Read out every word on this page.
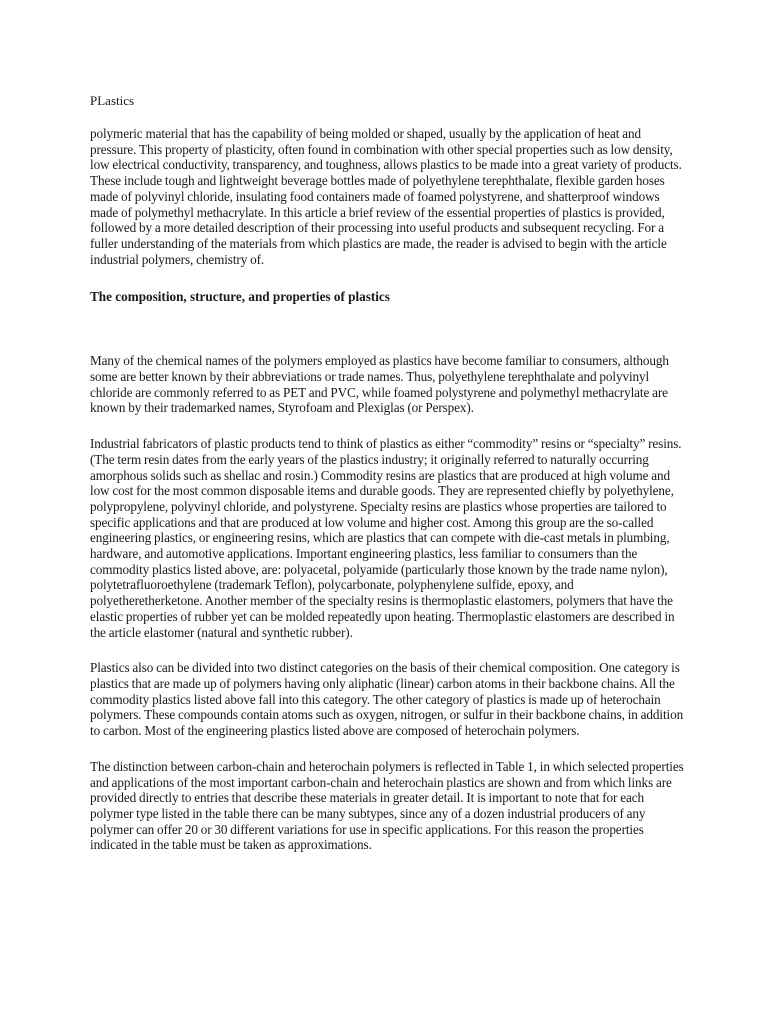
PLastics

polymeric material that has the capability of being molded or shaped, usually by the application of heat and pressure. This property of plasticity, often found in combination with other special properties such as low density, low electrical conductivity, transparency, and toughness, allows plastics to be made into a great variety of products. These include tough and lightweight beverage bottles made of polyethylene terephthalate, flexible garden hoses made of polyvinyl chloride, insulating food containers made of foamed polystyrene, and shatterproof windows made of polymethyl methacrylate. In this article a brief review of the essential properties of plastics is provided, followed by a more detailed description of their processing into useful products and subsequent recycling. For a fuller understanding of the materials from which plastics are made, the reader is advised to begin with the article industrial polymers, chemistry of.

The composition, structure, and properties of plastics

Many of the chemical names of the polymers employed as plastics have become familiar to consumers, although some are better known by their abbreviations or trade names. Thus, polyethylene terephthalate and polyvinyl chloride are commonly referred to as PET and PVC, while foamed polystyrene and polymethyl methacrylate are known by their trademarked names, Styrofoam and Plexiglas (or Perspex).

Industrial fabricators of plastic products tend to think of plastics as either “commodity” resins or “specialty” resins. (The term resin dates from the early years of the plastics industry; it originally referred to naturally occurring amorphous solids such as shellac and rosin.) Commodity resins are plastics that are produced at high volume and low cost for the most common disposable items and durable goods. They are represented chiefly by polyethylene, polypropylene, polyvinyl chloride, and polystyrene. Specialty resins are plastics whose properties are tailored to specific applications and that are produced at low volume and higher cost. Among this group are the so-called engineering plastics, or engineering resins, which are plastics that can compete with die-cast metals in plumbing, hardware, and automotive applications. Important engineering plastics, less familiar to consumers than the commodity plastics listed above, are: polyacetal, polyamide (particularly those known by the trade name nylon), polytetrafluoroethylene (trademark Teflon), polycarbonate, polyphenylene sulfide, epoxy, and polyetheretherketone. Another member of the specialty resins is thermoplastic elastomers, polymers that have the elastic properties of rubber yet can be molded repeatedly upon heating. Thermoplastic elastomers are described in the article elastomer (natural and synthetic rubber).

Plastics also can be divided into two distinct categories on the basis of their chemical composition. One category is plastics that are made up of polymers having only aliphatic (linear) carbon atoms in their backbone chains. All the commodity plastics listed above fall into this category. The other category of plastics is made up of heterochain polymers. These compounds contain atoms such as oxygen, nitrogen, or sulfur in their backbone chains, in addition to carbon. Most of the engineering plastics listed above are composed of heterochain polymers.

The distinction between carbon-chain and heterochain polymers is reflected in Table 1, in which selected properties and applications of the most important carbon-chain and heterochain plastics are shown and from which links are provided directly to entries that describe these materials in greater detail. It is important to note that for each polymer type listed in the table there can be many subtypes, since any of a dozen industrial producers of any polymer can offer 20 or 30 different variations for use in specific applications. For this reason the properties indicated in the table must be taken as approximations.
